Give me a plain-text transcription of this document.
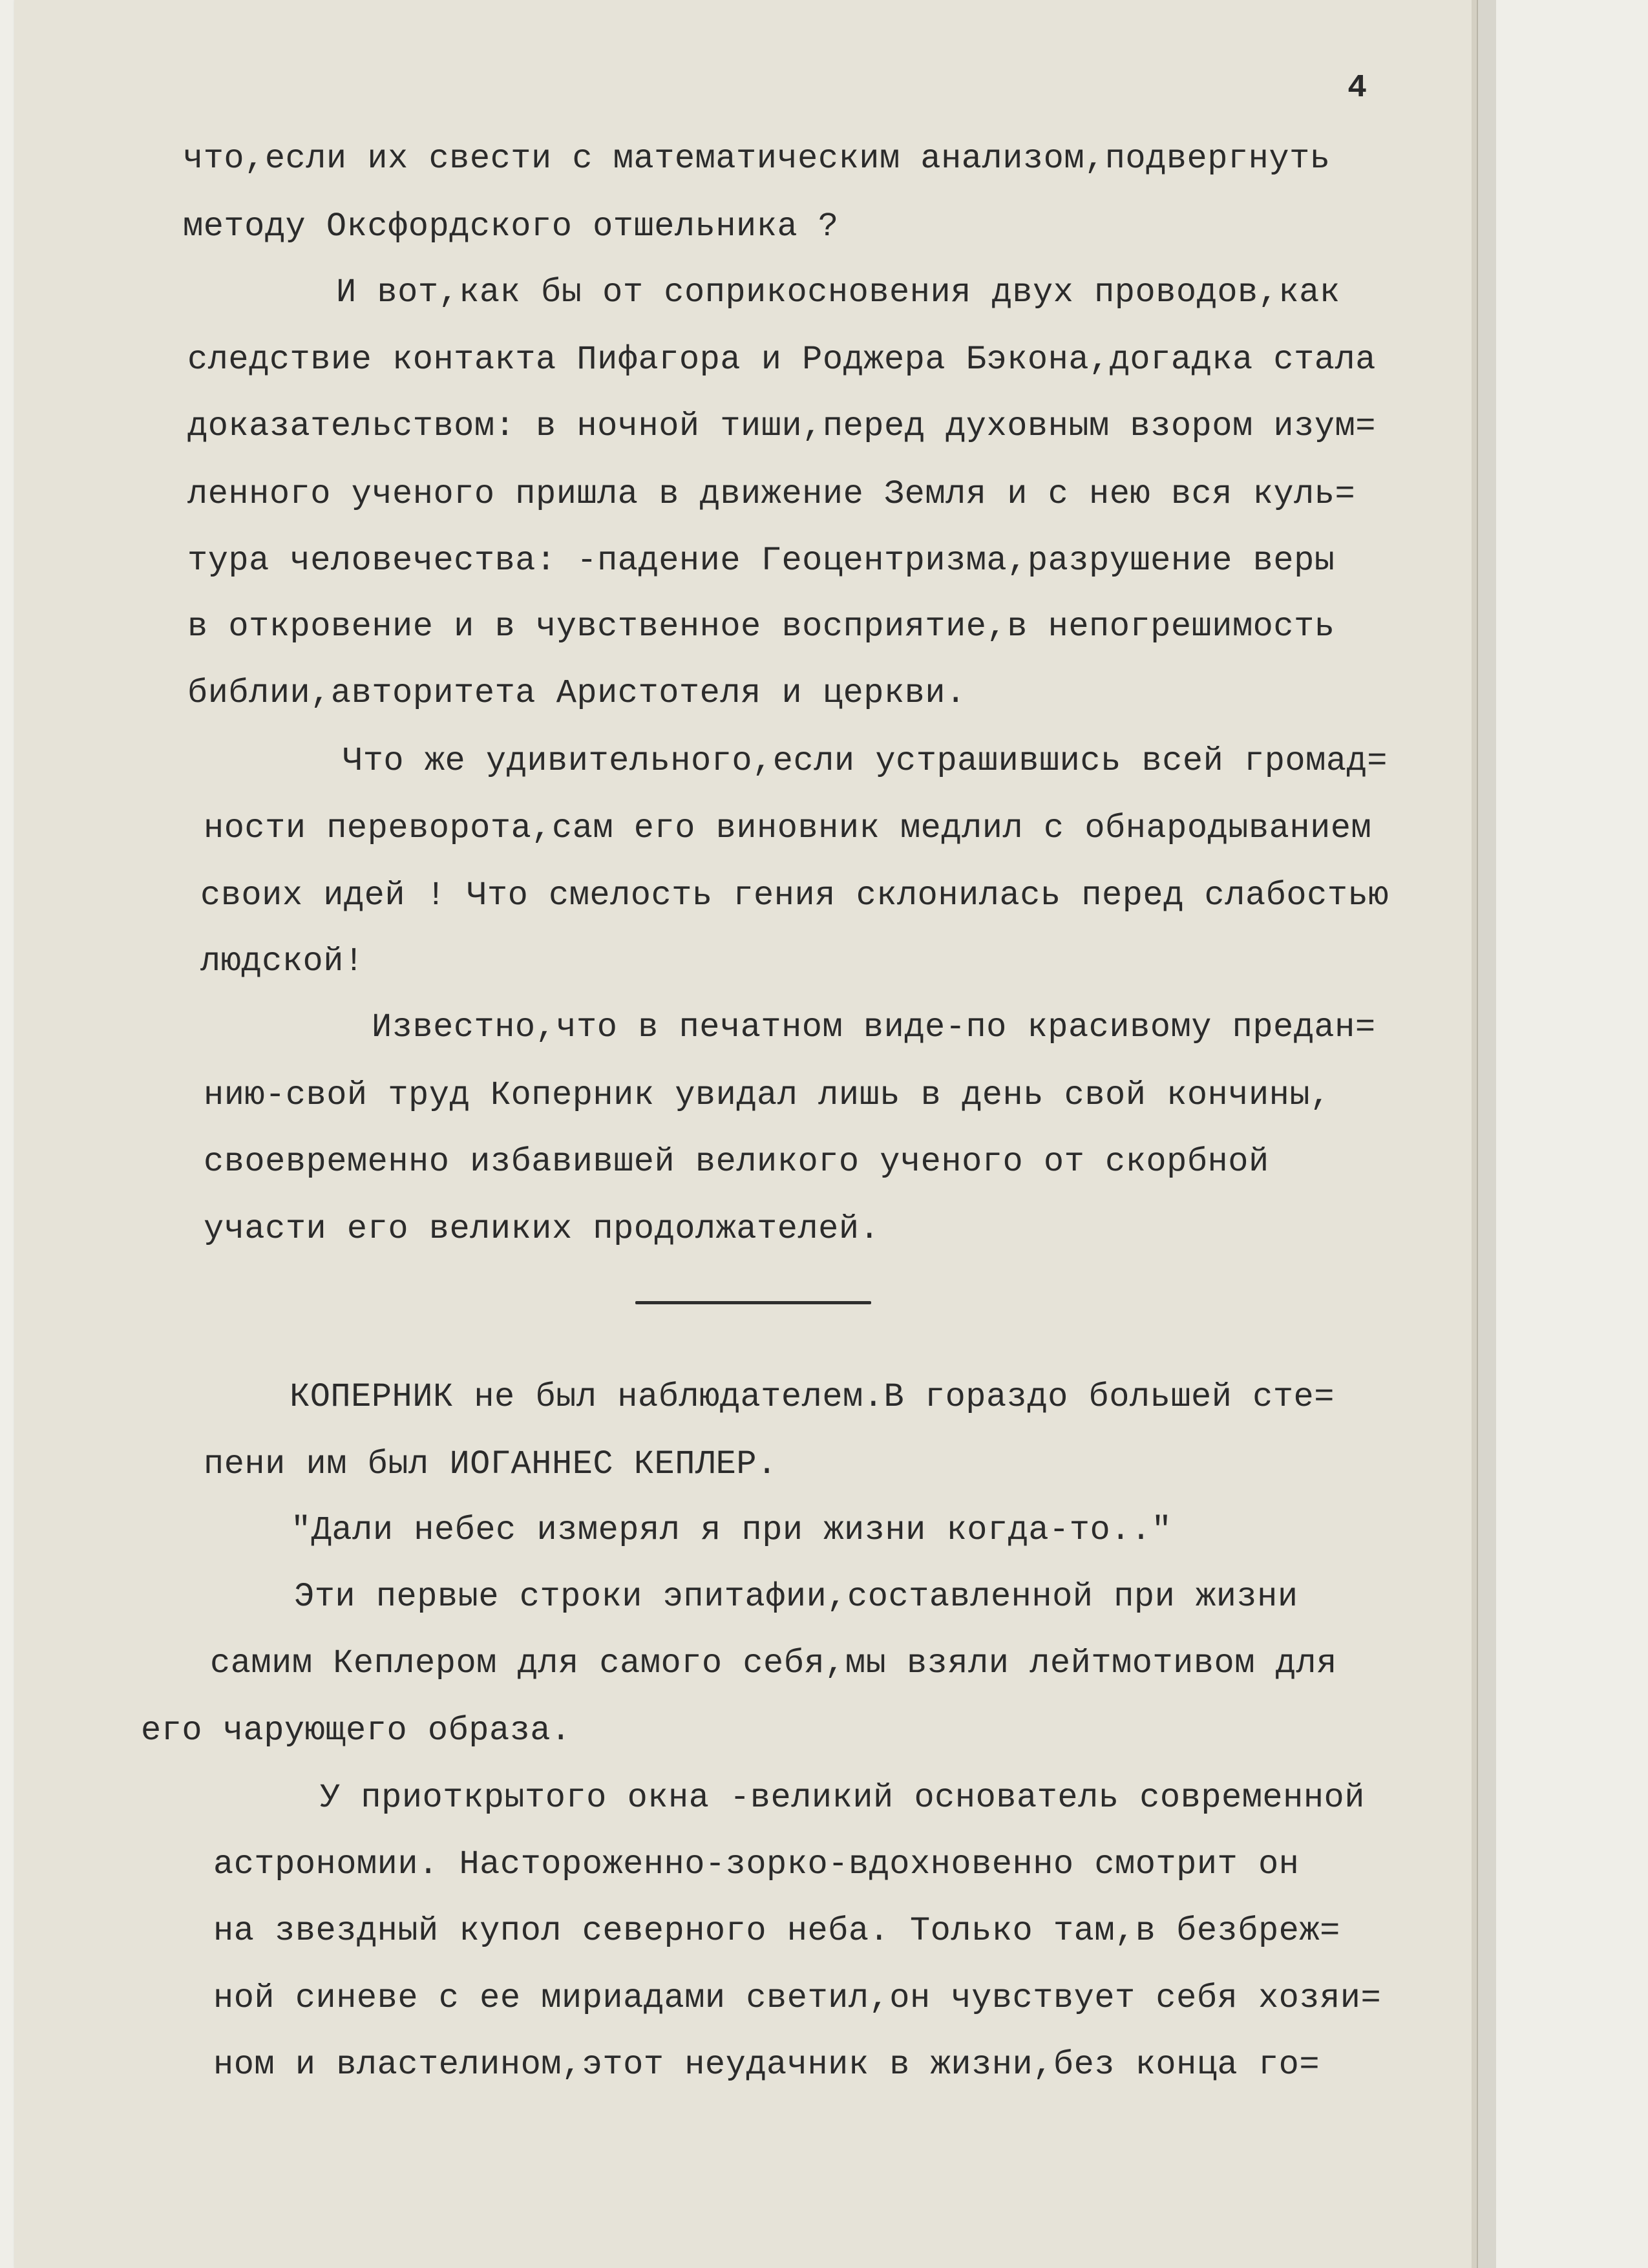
4
что,если их свести с математическим анализом,подвергнуть
методу Оксфордского отшельника ?
И вот,как бы от соприкосновения двух проводов,как
следствие контакта Пифагора и Роджера Бэкона,догадка стала
доказательством: в ночной тиши,перед духовным взором изум=
ленного ученого пришла в движение Земля и с нею вся куль=
тура человечества: -падение Геоцентризма,разрушение веры
в откровение и в чувственное восприятие,в непогрешимость
библии,авторитета Аристотеля и церкви.
Что же удивительного,если устрашившись всей громад=
ности переворота,сам его виновник медлил с обнародыванием
своих идей ! Что смелость гения склонилась перед слабостью
людской!
Известно,что в печатном виде-по красивому предан=
нию-свой труд Коперник увидал лишь в день свой кончины,
своевременно избавившей великого ученого от скорбной
участи его великих продолжателей.
КОПЕРНИК не был наблюдателем.В гораздо большей сте=
пени им был ИОГАННЕС КЕПЛЕР.
"Дали небес измерял я при жизни когда-то.."
Эти первые строки эпитафии,составленной при жизни
самим Кеплером для самого себя,мы взяли лейтмотивом для
его чарующего образа.
У приоткрытого окна -великий основатель современной
астрономии. Настороженно-зорко-вдохновенно смотрит он
на звездный купол северного неба. Только там,в безбреж=
ной синеве с ее мириадами светил,он чувствует себя хозяи=
ном и властелином,этот неудачник в жизни,без конца го=
